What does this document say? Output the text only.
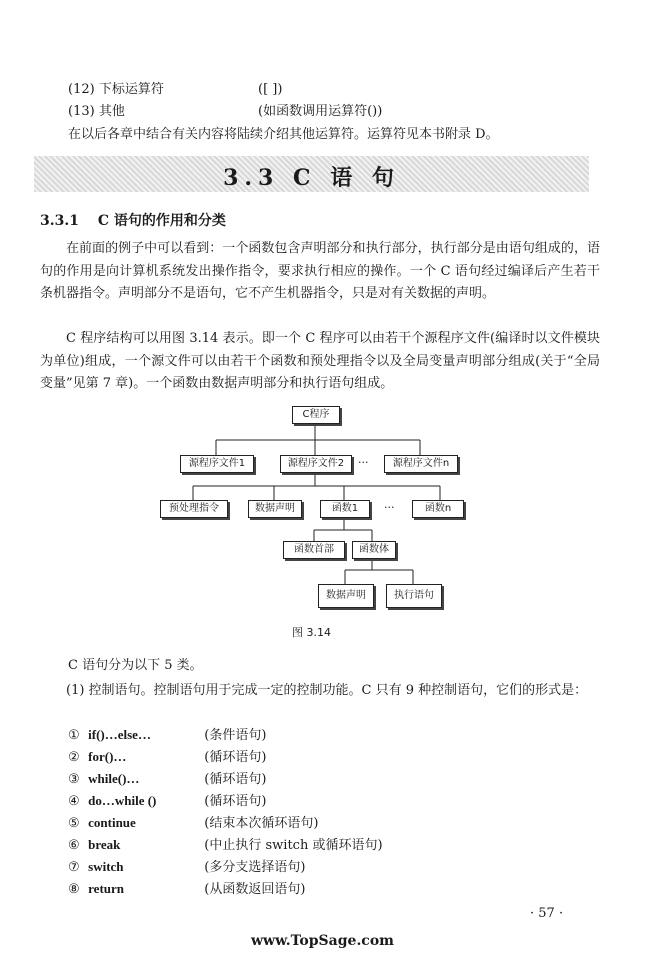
(12) 下标运算符	([ ])
(13) 其他	(如函数调用运算符())
在以后各章中结合有关内容将陆续介绍其他运算符。运算符见本书附录 D。
3.3 C 语 句
3.3.1 C 语句的作用和分类
在前面的例子中可以看到：一个函数包含声明部分和执行部分，执行部分是由语句组成的，语句的作用是向计算机系统发出操作指令，要求执行相应的操作。一个 C 语句经过编译后产生若干条机器指令。声明部分不是语句，它不产生机器指令，只是对有关数据的声明。
C 程序结构可以用图 3.14 表示。即一个 C 程序可以由若干个源程序文件(编译时以文件模块为单位)组成，一个源文件可以由若干个函数和预处理指令以及全局变量声明部分组成(关于“全局变量”见第 7 章)。一个函数由数据声明部分和执行语句组成。
C程序
源程序文件1	源程序文件2	···	源程序文件n
预处理指令	数据声明	函数1	···	函数n
函数首部	函数体
数据声明	执行语句
图 3.14
C 语句分为以下 5 类。
(1) 控制语句。控制语句用于完成一定的控制功能。C 只有 9 种控制语句，它们的形式是：
① if()…else…	(条件语句)
② for()…	(循环语句)
③ while()…	(循环语句)
④ do…while ()	(循环语句)
⑤ continue	(结束本次循环语句)
⑥ break	(中止执行 switch 或循环语句)
⑦ switch	(多分支选择语句)
⑧ return	(从函数返回语句)
· 57 ·
www.TopSage.com
